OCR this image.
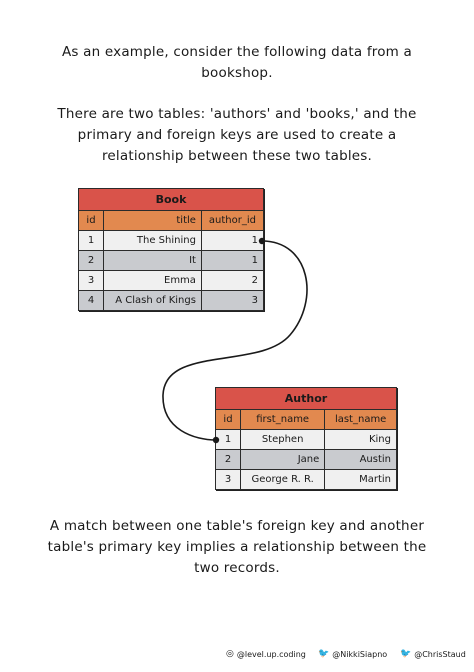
As an example, consider the following data from a bookshop.

There are two tables: 'authors' and 'books,' and the primary and foreign keys are used to create a relationship between these two tables.

Book		
id	title	author_id
1	The Shining	1
2	It	1
3	Emma	2
4	A Clash of Kings	3
Author		
id	first_name	last_name
1	Stephen	King
2	Jane	Austin
3	George R. R.	Martin

A match between one table's foreign key and another table's primary key implies a relationship between the two records.

◎ @level.up.coding 🐦 @NikkiSiapno 🐦 @ChrisStaud
